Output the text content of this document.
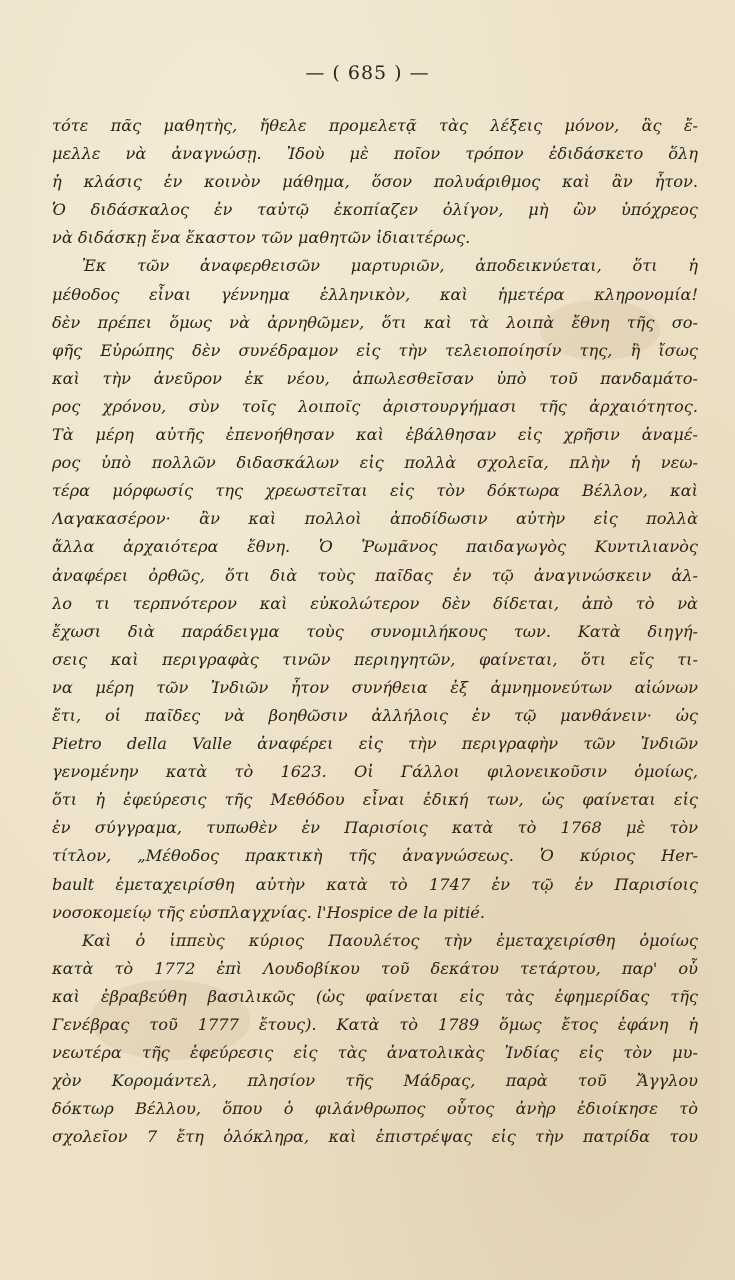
— ( 685 ) —
τότε πᾶς μαθητὴς, ἤθελε προμελετᾷ τὰς λέξεις μόνον, ἃς ἔ-
μελλε νὰ ἀναγνώσῃ. Ἰδοὺ μὲ ποῖον τρόπον ἐδιδάσκετο ὅλη
ἡ κλάσις ἐν κοινὸν μάθημα, ὅσον πολυάριθμος καὶ ἂν ἦτον.
Ὁ διδάσκαλος ἐν ταὐτῷ ἐκοπίαζεν ὀλίγον, μὴ ὢν ὑπόχρεος
νὰ διδάσκῃ ἕνα ἕκαστον τῶν μαθητῶν ἰδιαιτέρως.
Ἐκ τῶν ἀναφερθεισῶν μαρτυριῶν, ἀποδεικνύεται, ὅτι ἡ
μέθοδος εἶναι γέννημα ἑλληνικὸν, καὶ ἡμετέρα κληρονομία!
δὲν πρέπει ὅμως νὰ ἀρνηθῶμεν, ὅτι καὶ τὰ λοιπὰ ἔθνη τῆς σο-
φῆς Εὐρώπης δὲν συνέδραμον εἰς τὴν τελειοποίησίν της, ἢ ἴσως
καὶ τὴν ἀνεῦρον ἐκ νέου, ἀπωλεσθεῖσαν ὑπὸ τοῦ πανδαμάτο-
ρος χρόνου, σὺν τοῖς λοιποῖς ἀριστουργήμασι τῆς ἀρχαιότητος.
Τὰ μέρη αὐτῆς ἐπενοήθησαν καὶ ἐβάλθησαν εἰς χρῆσιν ἀναμέ-
ρος ὑπὸ πολλῶν διδασκάλων εἰς πολλὰ σχολεῖα, πλὴν ἡ νεω-
τέρα μόρφωσίς της χρεωστεῖται εἰς τὸν δόκτωρα Βέλλον, καὶ
Λαγακασέρον· ἂν καὶ πολλοὶ ἀποδίδωσιν αὐτὴν εἰς πολλὰ
ἄλλα ἀρχαιότερα ἔθνη. Ὁ Ῥωμᾶνος παιδαγωγὸς Κυντιλιανὸς
ἀναφέρει ὀρθῶς, ὅτι διὰ τοὺς παῖδας ἐν τῷ ἀναγινώσκειν ἀλ-
λο τι τερπνότερον καὶ εὐκολώτερον δὲν δίδεται, ἀπὸ τὸ νὰ
ἔχωσι διὰ παράδειγμα τοὺς συνομιλήκους των. Κατὰ διηγή-
σεις καὶ περιγραφὰς τινῶν περιηγητῶν, φαίνεται, ὅτι εἴς τι-
να μέρη τῶν Ἰνδιῶν ἦτον συνήθεια ἐξ ἀμνημονεύτων αἰώνων
ἔτι, οἱ παῖδες νὰ βοηθῶσιν ἀλλήλοις ἐν τῷ μανθάνειν· ὡς
Pietro della Valle ἀναφέρει εἰς τὴν περιγραφὴν τῶν Ἰνδιῶν
γενομένην κατὰ τὸ 1623. Οἱ Γάλλοι φιλονεικοῦσιν ὁμοίως,
ὅτι ἡ ἐφεύρεσις τῆς Μεθόδου εἶναι ἐδική των, ὡς φαίνεται εἰς
ἐν σύγγραμα, τυπωθὲν ἐν Παρισίοις κατὰ τὸ 1768 μὲ τὸν
τίτλον, „Μέθοδος πρακτικὴ τῆς ἀναγνώσεως. Ὁ κύριος Her-
bault ἐμεταχειρίσθη αὐτὴν κατὰ τὸ 1747 ἐν τῷ ἐν Παρισίοις
νοσοκομείῳ τῆς εὐσπλαγχνίας. l'Hospice de la pitié.
Καὶ ὁ ἱππεὺς κύριος Παουλέτος τὴν ἐμεταχειρίσθη ὁμοίως
κατὰ τὸ 1772 ἐπὶ Λουδοβίκου τοῦ δεκάτου τετάρτου, παρ' οὗ
καὶ ἐβραβεύθη βασιλικῶς (ὡς φαίνεται εἰς τὰς ἐφημερίδας τῆς
Γενέβρας τοῦ 1777 ἔτους). Κατὰ τὸ 1789 ὅμως ἔτος ἐφάνη ἡ
νεωτέρα τῆς ἐφεύρεσις εἰς τὰς ἀνατολικὰς Ἰνδίας εἰς τὸν μυ-
χὸν Κορομάντελ, πλησίον τῆς Μάδρας, παρὰ τοῦ Ἄγγλου
δόκτωρ Βέλλου, ὅπου ὁ φιλάνθρωπος οὗτος ἀνὴρ ἐδιοίκησε τὸ
σχολεῖον 7 ἔτη ὁλόκληρα, καὶ ἐπιστρέψας εἰς τὴν πατρίδα του
